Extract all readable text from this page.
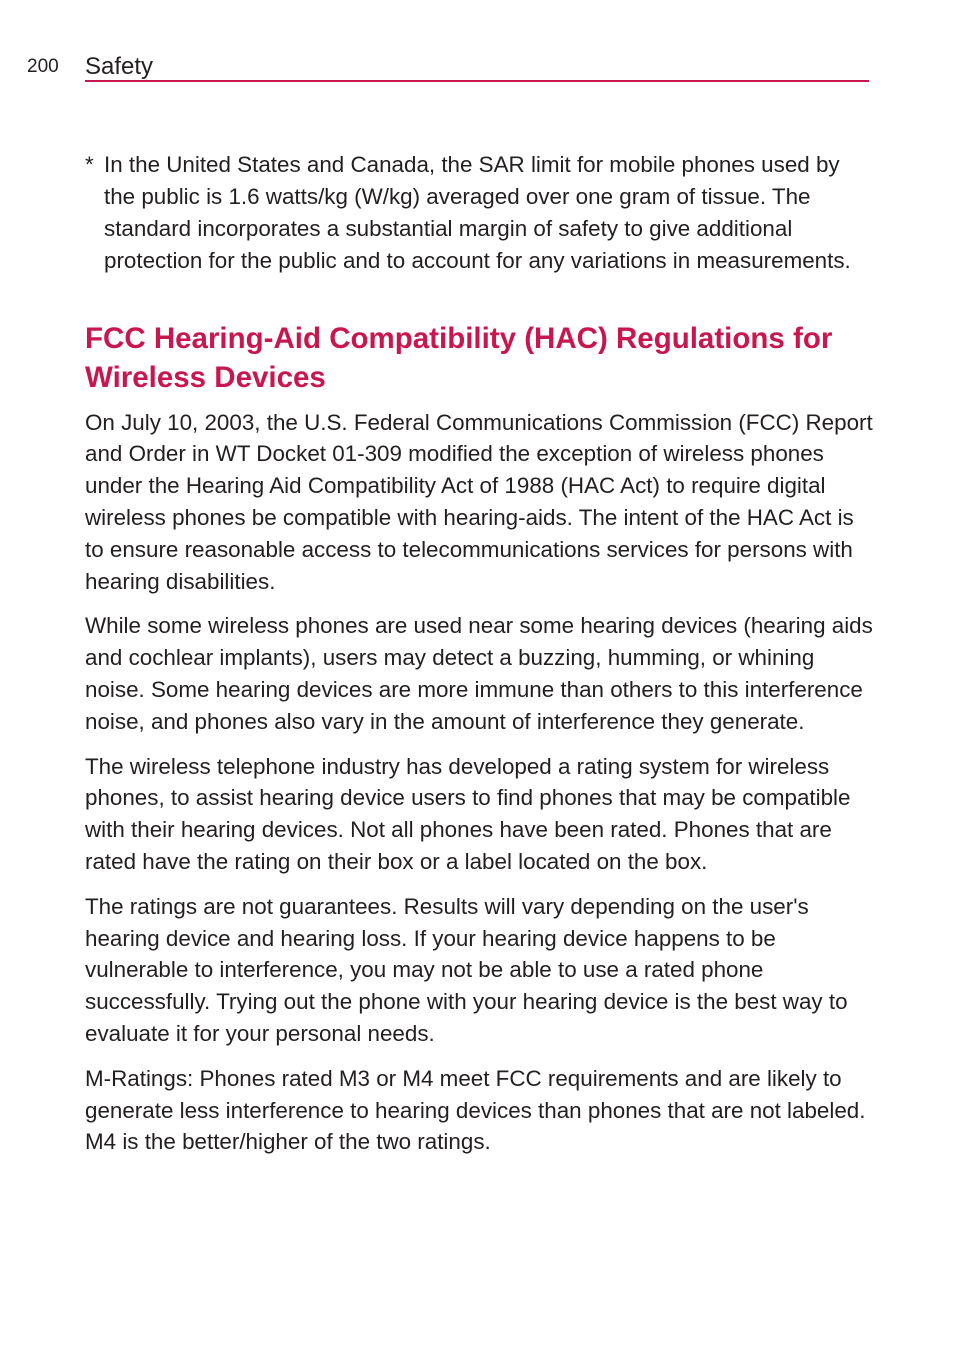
200 Safety

* In the United States and Canada, the SAR limit for mobile phones used by the public is 1.6 watts/kg (W/kg) averaged over one gram of tissue. The standard incorporates a substantial margin of safety to give additional protection for the public and to account for any variations in measurements.

FCC Hearing-Aid Compatibility (HAC) Regulations for Wireless Devices

On July 10, 2003, the U.S. Federal Communications Commission (FCC) Report and Order in WT Docket 01-309 modified the exception of wireless phones under the Hearing Aid Compatibility Act of 1988 (HAC Act) to require digital wireless phones be compatible with hearing-aids. The intent of the HAC Act is to ensure reasonable access to telecommunications services for persons with hearing disabilities.

While some wireless phones are used near some hearing devices (hearing aids and cochlear implants), users may detect a buzzing, humming, or whining noise. Some hearing devices are more immune than others to this interference noise, and phones also vary in the amount of interference they generate.

The wireless telephone industry has developed a rating system for wireless phones, to assist hearing device users to find phones that may be compatible with their hearing devices. Not all phones have been rated. Phones that are rated have the rating on their box or a label located on the box.

The ratings are not guarantees. Results will vary depending on the user's hearing device and hearing loss. If your hearing device happens to be vulnerable to interference, you may not be able to use a rated phone successfully. Trying out the phone with your hearing device is the best way to evaluate it for your personal needs.

M-Ratings: Phones rated M3 or M4 meet FCC requirements and are likely to generate less interference to hearing devices than phones that are not labeled. M4 is the better/higher of the two ratings.
